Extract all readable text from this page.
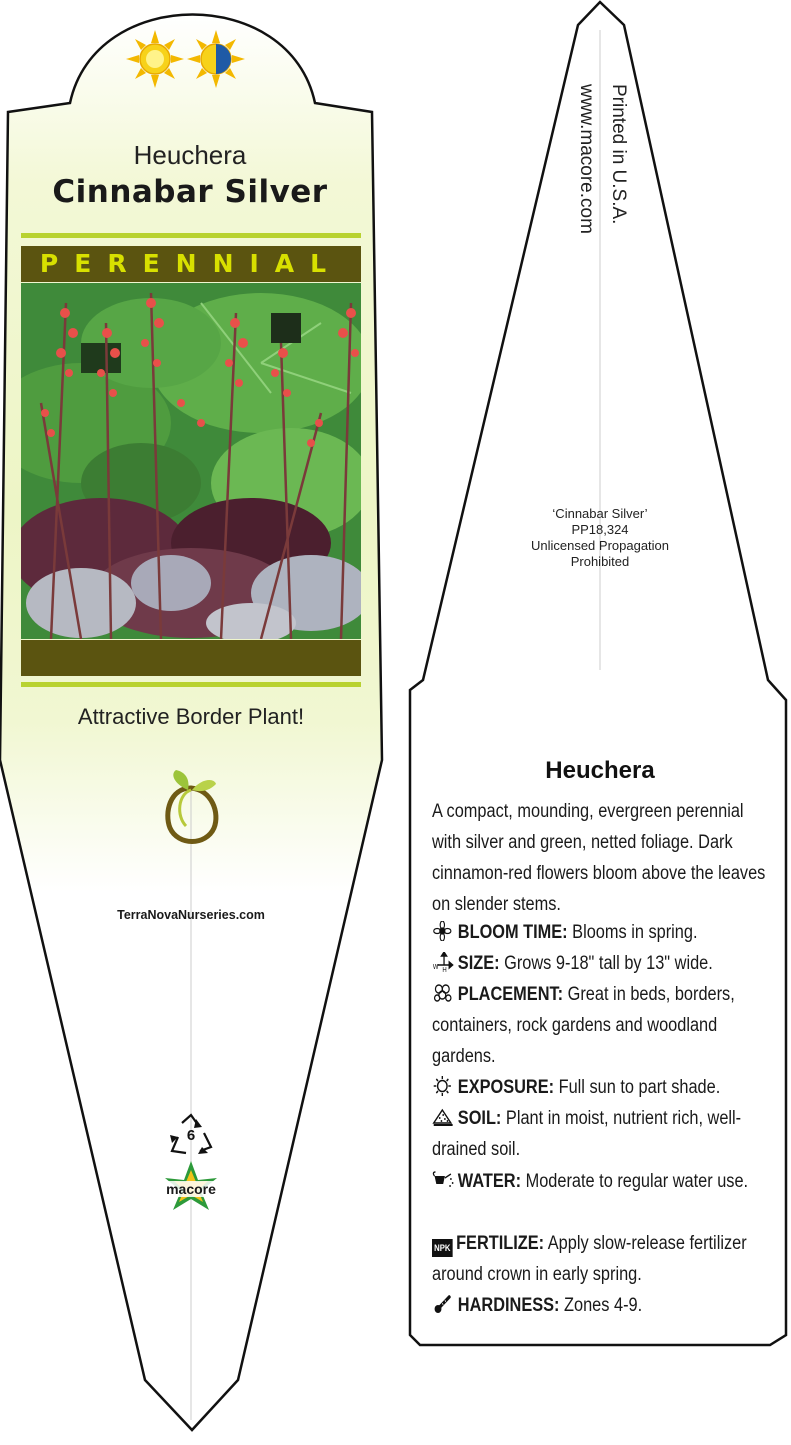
Heuchera
Cinnabar Silver
PERENNIAL
Attractive Border Plant!
TerraNovaNurseries.com
6
macore
Printed in U.S.A.
www.macore.com
‘Cinnabar Silver’
PP18,324
Unlicensed Propagation
Prohibited
Heuchera
A compact, mounding, evergreen perennial with silver and green, netted foliage. Dark cinnamon-red flowers bloom above the leaves on slender stems.
BLOOM TIME: Blooms in spring.
W H SIZE: Grows 9-18" tall by 13" wide.
PLACEMENT: Great in beds, borders, containers, rock gardens and woodland gardens.
EXPOSURE: Full sun to part shade.
SOIL: Plant in moist, nutrient rich, well-drained soil.
WATER: Moderate to regular water use.
NPK FERTILIZE: Apply slow-release fertilizer around crown in early spring.
HARDINESS: Zones 4-9.
